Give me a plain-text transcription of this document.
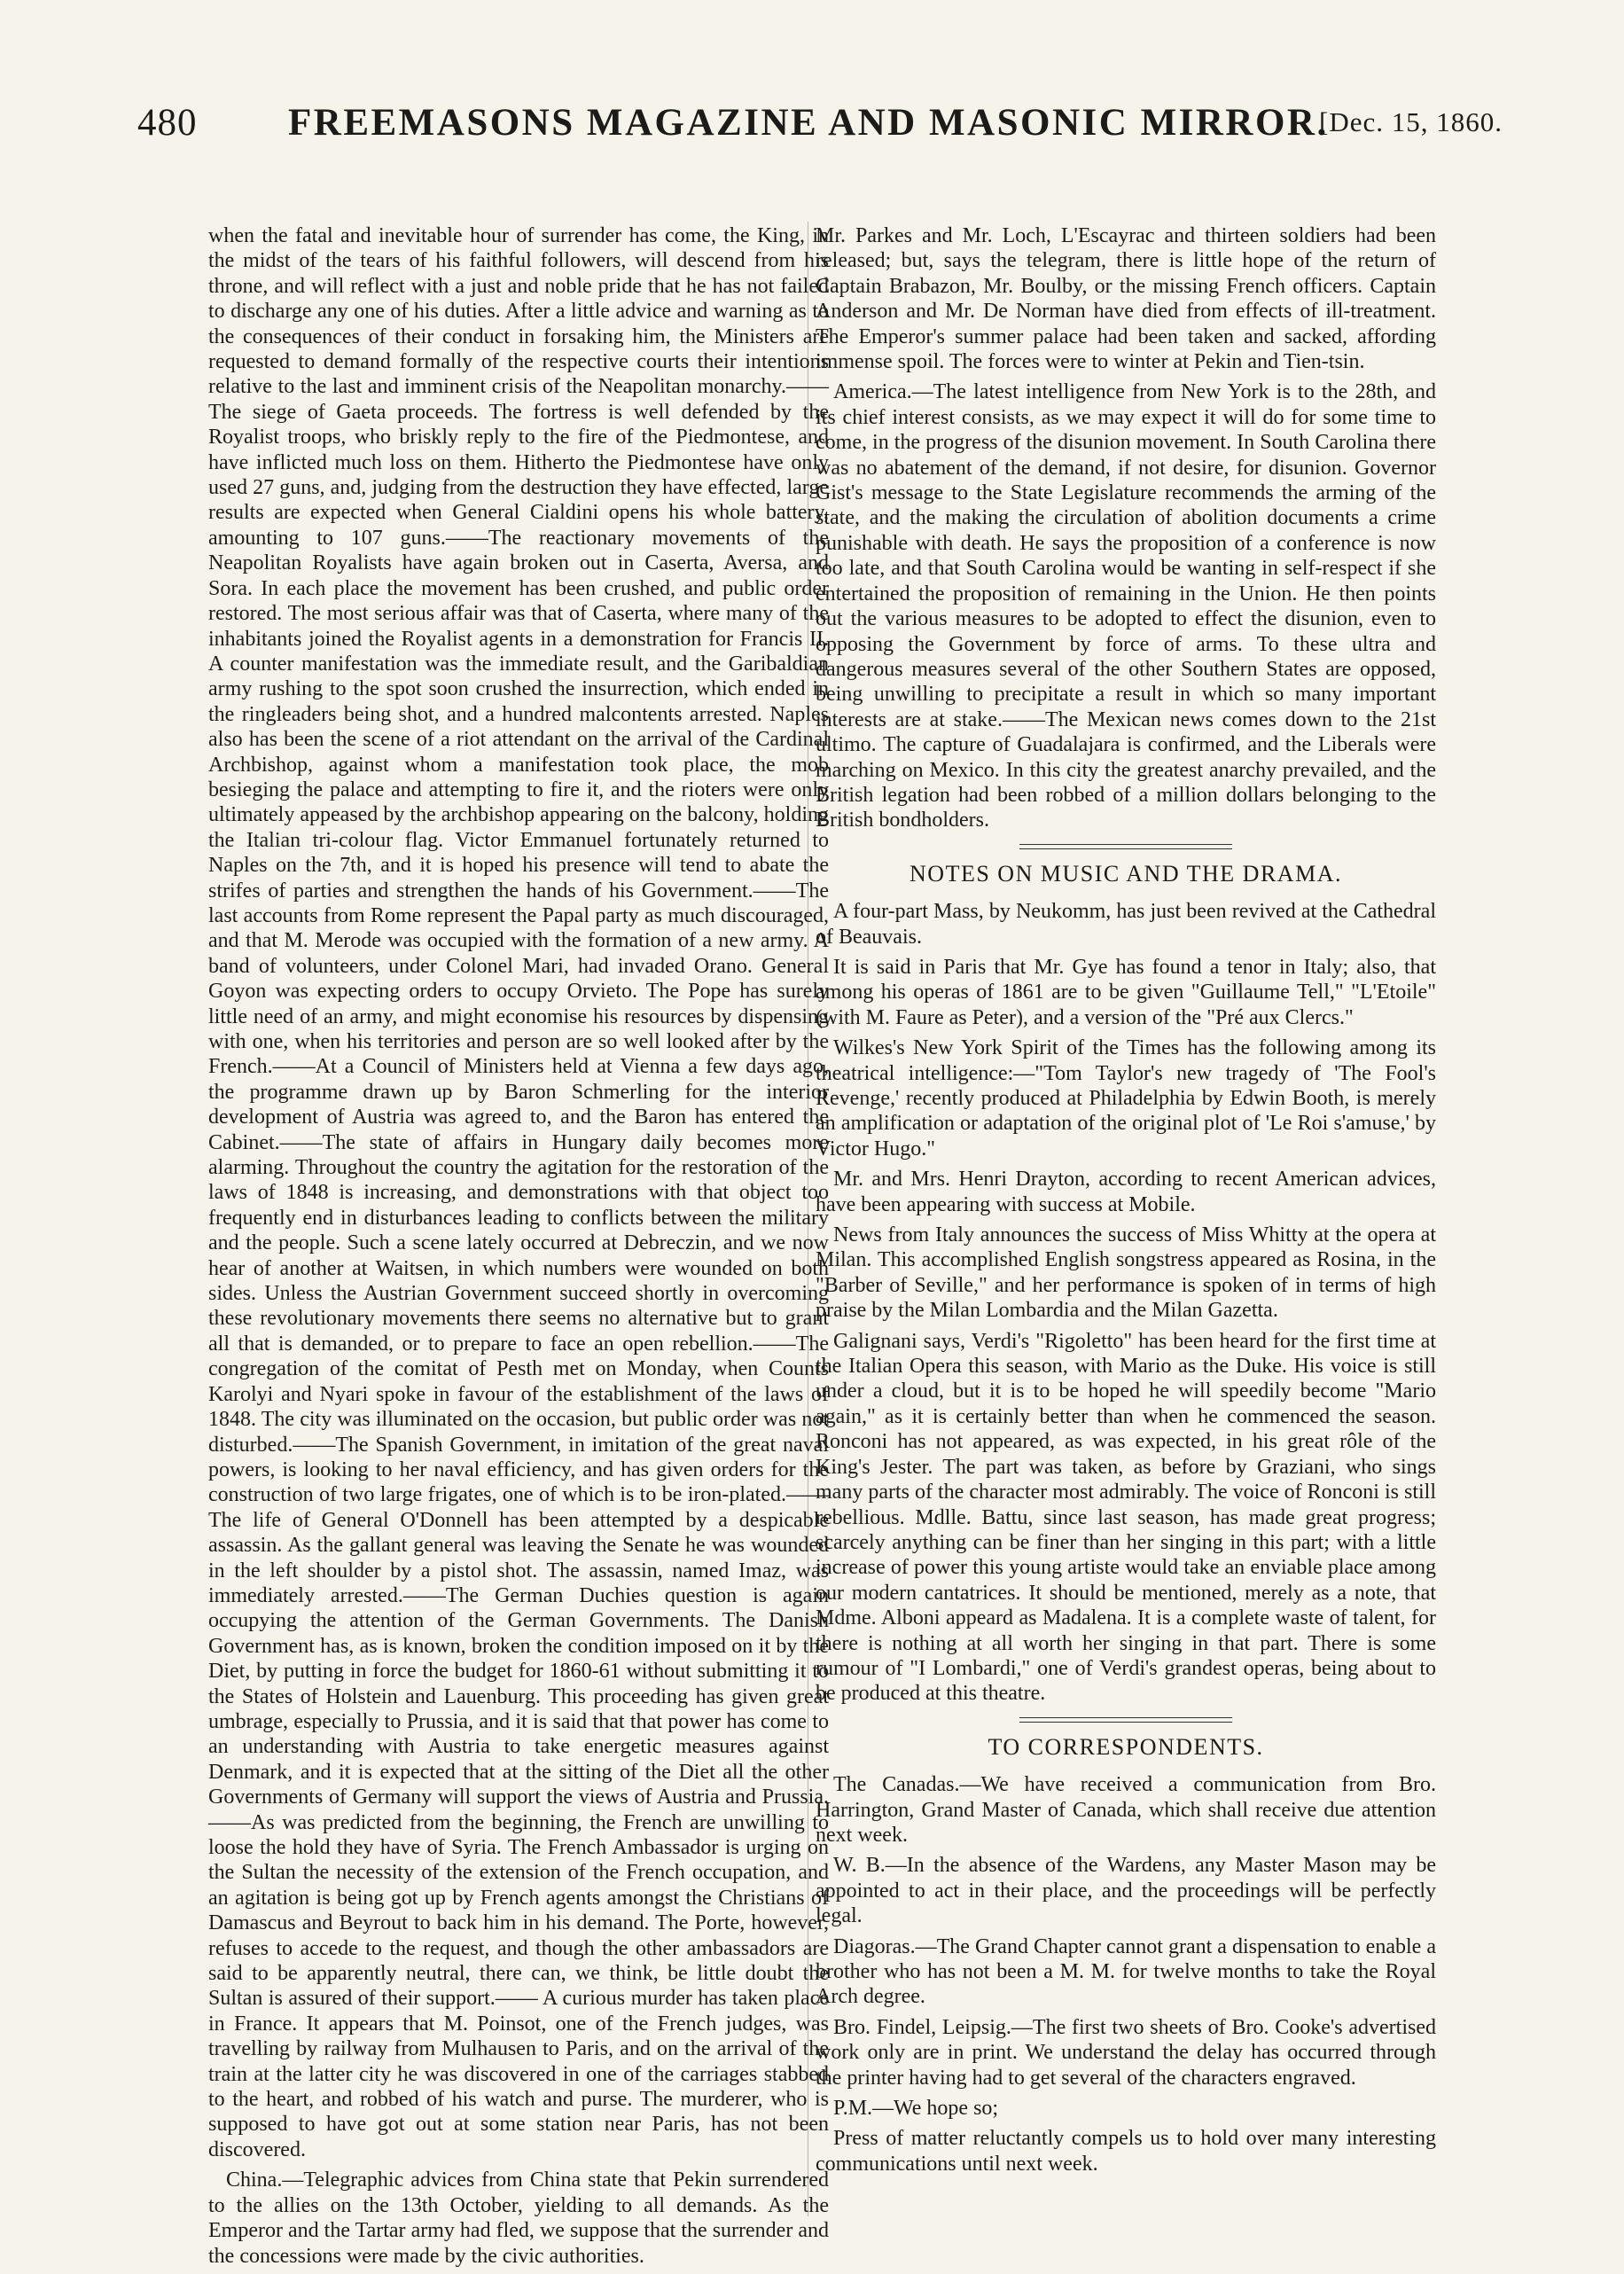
480 FREEMASONS MAGAZINE AND MASONIC MIRROR.
[Dec. 15, 1860.

when the fatal and inevitable hour of surrender has come, the King, in the midst of the tears of his faithful followers, will descend from his throne, and will reflect with a just and noble pride that he has not failed to discharge any one of his duties. After a little advice and warning as to the consequences of their conduct in forsaking him, the Ministers are requested to demand formally of the respective courts their intentions relative to the last and imminent crisis of the Neapolitan monarchy.——The siege of Gaeta proceeds. The fortress is well defended by the Royalist troops, who briskly reply to the fire of the Piedmontese, and have inflicted much loss on them. Hitherto the Piedmontese have only used 27 guns, and, judging from the destruction they have effected, large results are expected when General Cialdini opens his whole battery, amounting to 107 guns.——The reactionary movements of the Neapolitan Royalists have again broken out in Caserta, Aversa, and Sora. In each place the movement has been crushed, and public order restored. The most serious affair was that of Caserta, where many of the inhabitants joined the Royalist agents in a demonstration for Francis II. A counter manifestation was the immediate result, and the Garibaldian army rushing to the spot soon crushed the insurrection, which ended in the ringleaders being shot, and a hundred malcontents arrested. Naples also has been the scene of a riot attendant on the arrival of the Cardinal Archbishop, against whom a manifestation took place, the mob besieging the palace and attempting to fire it, and the rioters were only ultimately appeased by the archbishop appearing on the balcony, holding the Italian tri-colour flag. Victor Emmanuel fortunately returned to Naples on the 7th, and it is hoped his presence will tend to abate the strifes of parties and strengthen the hands of his Government.——The last accounts from Rome represent the Papal party as much discouraged, and that M. Merode was occupied with the formation of a new army. A band of volunteers, under Colonel Mari, had invaded Orano. General Goyon was expecting orders to occupy Orvieto. The Pope has surely little need of an army, and might economise his resources by dispensing with one, when his territories and person are so well looked after by the French.——At a Council of Ministers held at Vienna a few days ago, the programme drawn up by Baron Schmerling for the interior development of Austria was agreed to, and the Baron has entered the Cabinet.——The state of affairs in Hungary daily becomes more alarming. Throughout the country the agitation for the restoration of the laws of 1848 is increasing, and demonstrations with that object too frequently end in disturbances leading to conflicts between the military and the people. Such a scene lately occurred at Debreczin, and we now hear of another at Waitsen, in which numbers were wounded on both sides. Unless the Austrian Government succeed shortly in overcoming these revolutionary movements there seems no alternative but to grant all that is demanded, or to prepare to face an open rebellion.——The congregation of the comitat of Pesth met on Monday, when Counts Karolyi and Nyari spoke in favour of the establishment of the laws of 1848. The city was illuminated on the occasion, but public order was not disturbed.——The Spanish Government, in imitation of the great naval powers, is looking to her naval efficiency, and has given orders for the construction of two large frigates, one of which is to be iron-plated.——The life of General O'Donnell has been attempted by a despicable assassin. As the gallant general was leaving the Senate he was wounded in the left shoulder by a pistol shot. The assassin, named Imaz, was immediately arrested.——The German Duchies question is again occupying the attention of the German Governments. The Danish Government has, as is known, broken the condition imposed on it by the Diet, by putting in force the budget for 1860-61 without submitting it to the States of Holstein and Lauenburg. This proceeding has given great umbrage, especially to Prussia, and it is said that that power has come to an understanding with Austria to take energetic measures against Denmark, and it is expected that at the sitting of the Diet all the other Governments of Germany will support the views of Austria and Prussia.——As was predicted from the beginning, the French are unwilling to loose the hold they have of Syria. The French Ambassador is urging on the Sultan the necessity of the extension of the French occupation, and an agitation is being got up by French agents amongst the Christians of Damascus and Beyrout to back him in his demand. The Porte, however, refuses to accede to the request, and though the other ambassadors are said to be apparently neutral, there can, we think, be little doubt the Sultan is assured of their support.—— A curious murder has taken place in France. It appears that M. Poinsot, one of the French judges, was travelling by railway from Mulhausen to Paris, and on the arrival of the train at the latter city he was discovered in one of the carriages stabbed to the heart, and robbed of his watch and purse. The murderer, who is supposed to have got out at some station near Paris, has not been discovered.

China.—Telegraphic advices from China state that Pekin surrendered to the allies on the 13th October, yielding to all demands. As the Emperor and the Tartar army had fled, we suppose that the surrender and the concessions were made by the civic authorities.

Mr. Parkes and Mr. Loch, L'Escayrac and thirteen soldiers had been released; but, says the telegram, there is little hope of the return of Captain Brabazon, Mr. Boulby, or the missing French officers. Captain Anderson and Mr. De Norman have died from effects of ill-treatment. The Emperor's summer palace had been taken and sacked, affording immense spoil. The forces were to winter at Pekin and Tien-tsin.

America.—The latest intelligence from New York is to the 28th, and its chief interest consists, as we may expect it will do for some time to come, in the progress of the disunion movement. In South Carolina there was no abatement of the demand, if not desire, for disunion. Governor Gist's message to the State Legislature recommends the arming of the state, and the making the circulation of abolition documents a crime punishable with death. He says the proposition of a conference is now too late, and that South Carolina would be wanting in self-respect if she entertained the proposition of remaining in the Union. He then points out the various measures to be adopted to effect the disunion, even to opposing the Government by force of arms. To these ultra and dangerous measures several of the other Southern States are opposed, being unwilling to precipitate a result in which so many important interests are at stake.——The Mexican news comes down to the 21st ultimo. The capture of Guadalajara is confirmed, and the Liberals were marching on Mexico. In this city the greatest anarchy prevailed, and the British legation had been robbed of a million dollars belonging to the British bondholders.

NOTES ON MUSIC AND THE DRAMA.

A four-part Mass, by Neukomm, has just been revived at the Cathedral of Beauvais.

It is said in Paris that Mr. Gye has found a tenor in Italy; also, that among his operas of 1861 are to be given "Guillaume Tell," "L'Etoile" (with M. Faure as Peter), and a version of the "Pré aux Clercs."

Wilkes's New York Spirit of the Times has the following among its theatrical intelligence:—"Tom Taylor's new tragedy of 'The Fool's Revenge,' recently produced at Philadelphia by Edwin Booth, is merely an amplification or adaptation of the original plot of 'Le Roi s'amuse,' by Victor Hugo."

Mr. and Mrs. Henri Drayton, according to recent American advices, have been appearing with success at Mobile.

News from Italy announces the success of Miss Whitty at the opera at Milan. This accomplished English songstress appeared as Rosina, in the "Barber of Seville," and her performance is spoken of in terms of high praise by the Milan Lombardia and the Milan Gazetta.

Galignani says, Verdi's "Rigoletto" has been heard for the first time at the Italian Opera this season, with Mario as the Duke. His voice is still under a cloud, but it is to be hoped he will speedily become "Mario again," as it is certainly better than when he commenced the season. Ronconi has not appeared, as was expected, in his great rôle of the King's Jester. The part was taken, as before by Graziani, who sings many parts of the character most admirably. The voice of Ronconi is still rebellious. Mdlle. Battu, since last season, has made great progress; scarcely anything can be finer than her singing in this part; with a little increase of power this young artiste would take an enviable place among our modern cantatrices. It should be mentioned, merely as a note, that Mdme. Alboni appeard as Madalena. It is a complete waste of talent, for there is nothing at all worth her singing in that part. There is some rumour of "I Lombardi," one of Verdi's grandest operas, being about to be produced at this theatre.

TO CORRESPONDENTS.

The Canadas.—We have received a communication from Bro. Harrington, Grand Master of Canada, which shall receive due attention next week.

W. B.—In the absence of the Wardens, any Master Mason may be appointed to act in their place, and the proceedings will be perfectly legal.

Diagoras.—The Grand Chapter cannot grant a dispensation to enable a brother who has not been a M. M. for twelve months to take the Royal Arch degree.

Bro. Findel, Leipsig.—The first two sheets of Bro. Cooke's advertised work only are in print. We understand the delay has occurred through the printer having had to get several of the characters engraved.

P.M.—We hope so;

Press of matter reluctantly compels us to hold over many interesting communications until next week.
